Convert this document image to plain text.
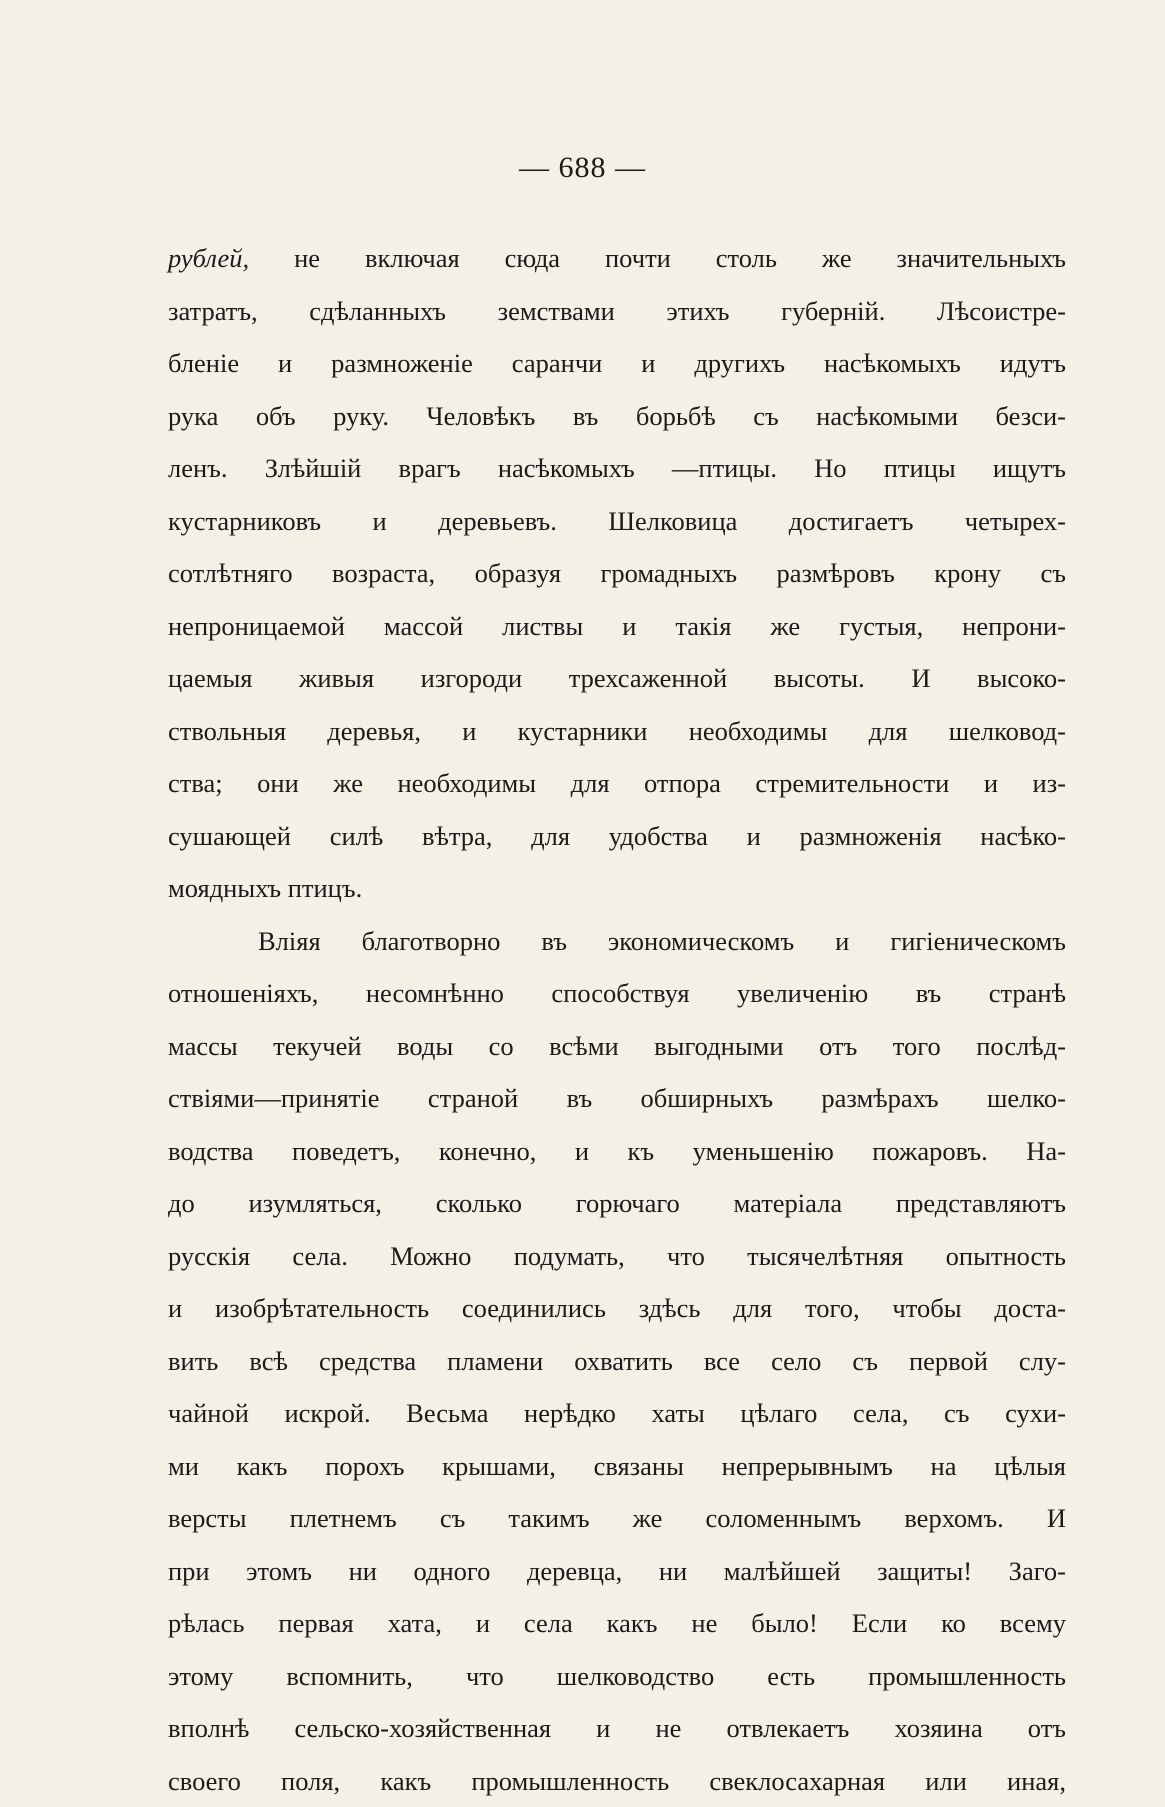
— 688 —
рублей, не включая сюда почти столь же значительныхъ
затратъ, сдѣланныхъ земствами этихъ губерній. Лѣсоистре-
бленіе и размноженіе саранчи и другихъ насѣкомыхъ идутъ
рука объ руку. Человѣкъ въ борьбѣ съ насѣкомыми безси-
ленъ. Злѣйшій врагъ насѣкомыхъ —птицы. Но птицы ищутъ
кустарниковъ и деревьевъ. Шелковица достигаетъ четырех-
сотлѣтняго возраста, образуя громадныхъ размѣровъ крону съ
непроницаемой массой листвы и такія же густыя, непрони-
цаемыя живыя изгороди трехсаженной высоты. И высоко-
ствольныя деревья, и кустарники необходимы для шелковод-
ства; они же необходимы для отпора стремительности и из-
сушающей силѣ вѣтра, для удобства и размноженія насѣко-
моядныхъ птицъ.
Вліяя благотворно въ экономическомъ и гигіеническомъ
отношеніяхъ, несомнѣнно способствуя увеличенію въ странѣ
массы текучей воды со всѣми выгодными отъ того послѣд-
ствіями—принятіе страной въ обширныхъ размѣрахъ шелко-
водства поведетъ, конечно, и къ уменьшенію пожаровъ. На-
до изумляться, сколько горючаго матеріала представляютъ
русскія села. Можно подумать, что тысячелѣтняя опытность
и изобрѣтательность соединились здѣсь для того, чтобы доста-
вить всѣ средства пламени охватить все село съ первой слу-
чайной искрой. Весьма нерѣдко хаты цѣлаго села, съ сухи-
ми какъ порохъ крышами, связаны непрерывнымъ на цѣлыя
версты плетнемъ съ такимъ же соломеннымъ верхомъ. И
при этомъ ни одного деревца, ни малѣйшей защиты! Заго-
рѣлась первая хата, и села какъ не было! Если ко всему
этому вспомнить, что шелководство есть промышленность
вполнѣ сельско-хозяйственная и не отвлекаетъ хозяина отъ
своего поля, какъ промышленность свеклосахарная или иная,
